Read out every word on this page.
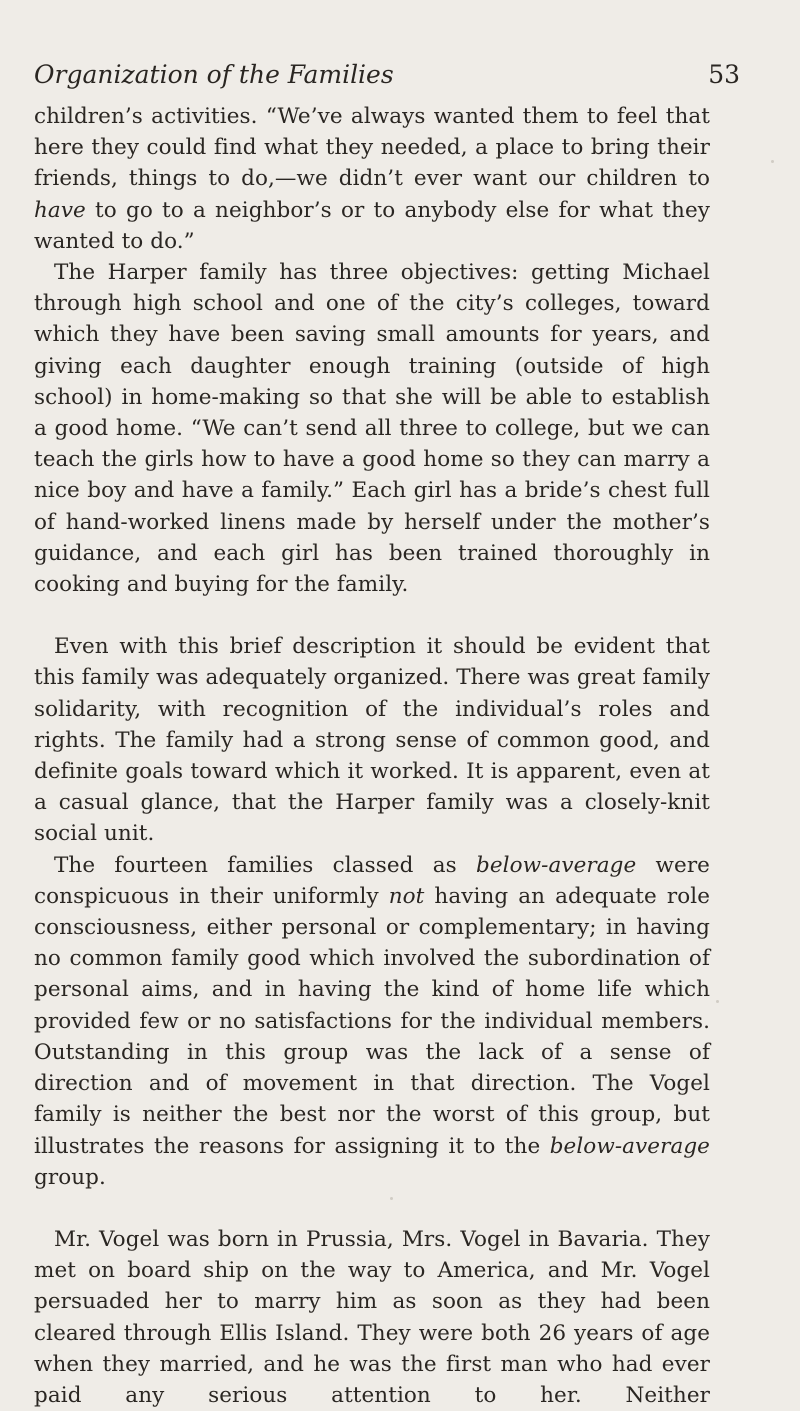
Organization of the Families	53

children’s activities. “We’ve always wanted them to feel that here they could find what they needed, a place to bring their friends, things to do,—we didn’t ever want our children to have to go to a neighbor’s or to anybody else for what they wanted to do.”

The Harper family has three objectives: getting Michael through high school and one of the city’s colleges, toward which they have been saving small amounts for years, and giving each daughter enough training (outside of high school) in home-making so that she will be able to establish a good home. “We can’t send all three to college, but we can teach the girls how to have a good home so they can marry a nice boy and have a family.” Each girl has a bride’s chest full of hand-worked linens made by herself under the mother’s guidance, and each girl has been trained thoroughly in cooking and buying for the family.

Even with this brief description it should be evident that this family was adequately organized. There was great family solidarity, with recognition of the individual’s roles and rights. The family had a strong sense of common good, and definite goals toward which it worked. It is apparent, even at a casual glance, that the Harper family was a closely-knit social unit.

The fourteen families classed as below-average were conspicuous in their uniformly not having an adequate role consciousness, either personal or complementary; in having no common family good which involved the subordination of personal aims, and in having the kind of home life which provided few or no satisfactions for the individual members. Outstanding in this group was the lack of a sense of direction and of movement in that direction. The Vogel family is neither the best nor the worst of this group, but illustrates the reasons for assigning it to the below-average group.

Mr. Vogel was born in Prussia, Mrs. Vogel in Bavaria. They met on board ship on the way to America, and Mr. Vogel persuaded her to marry him as soon as they had been cleared through Ellis Island. They were both 26 years of age when they married, and he was the first man who had ever paid any serious attention to her. Neither
